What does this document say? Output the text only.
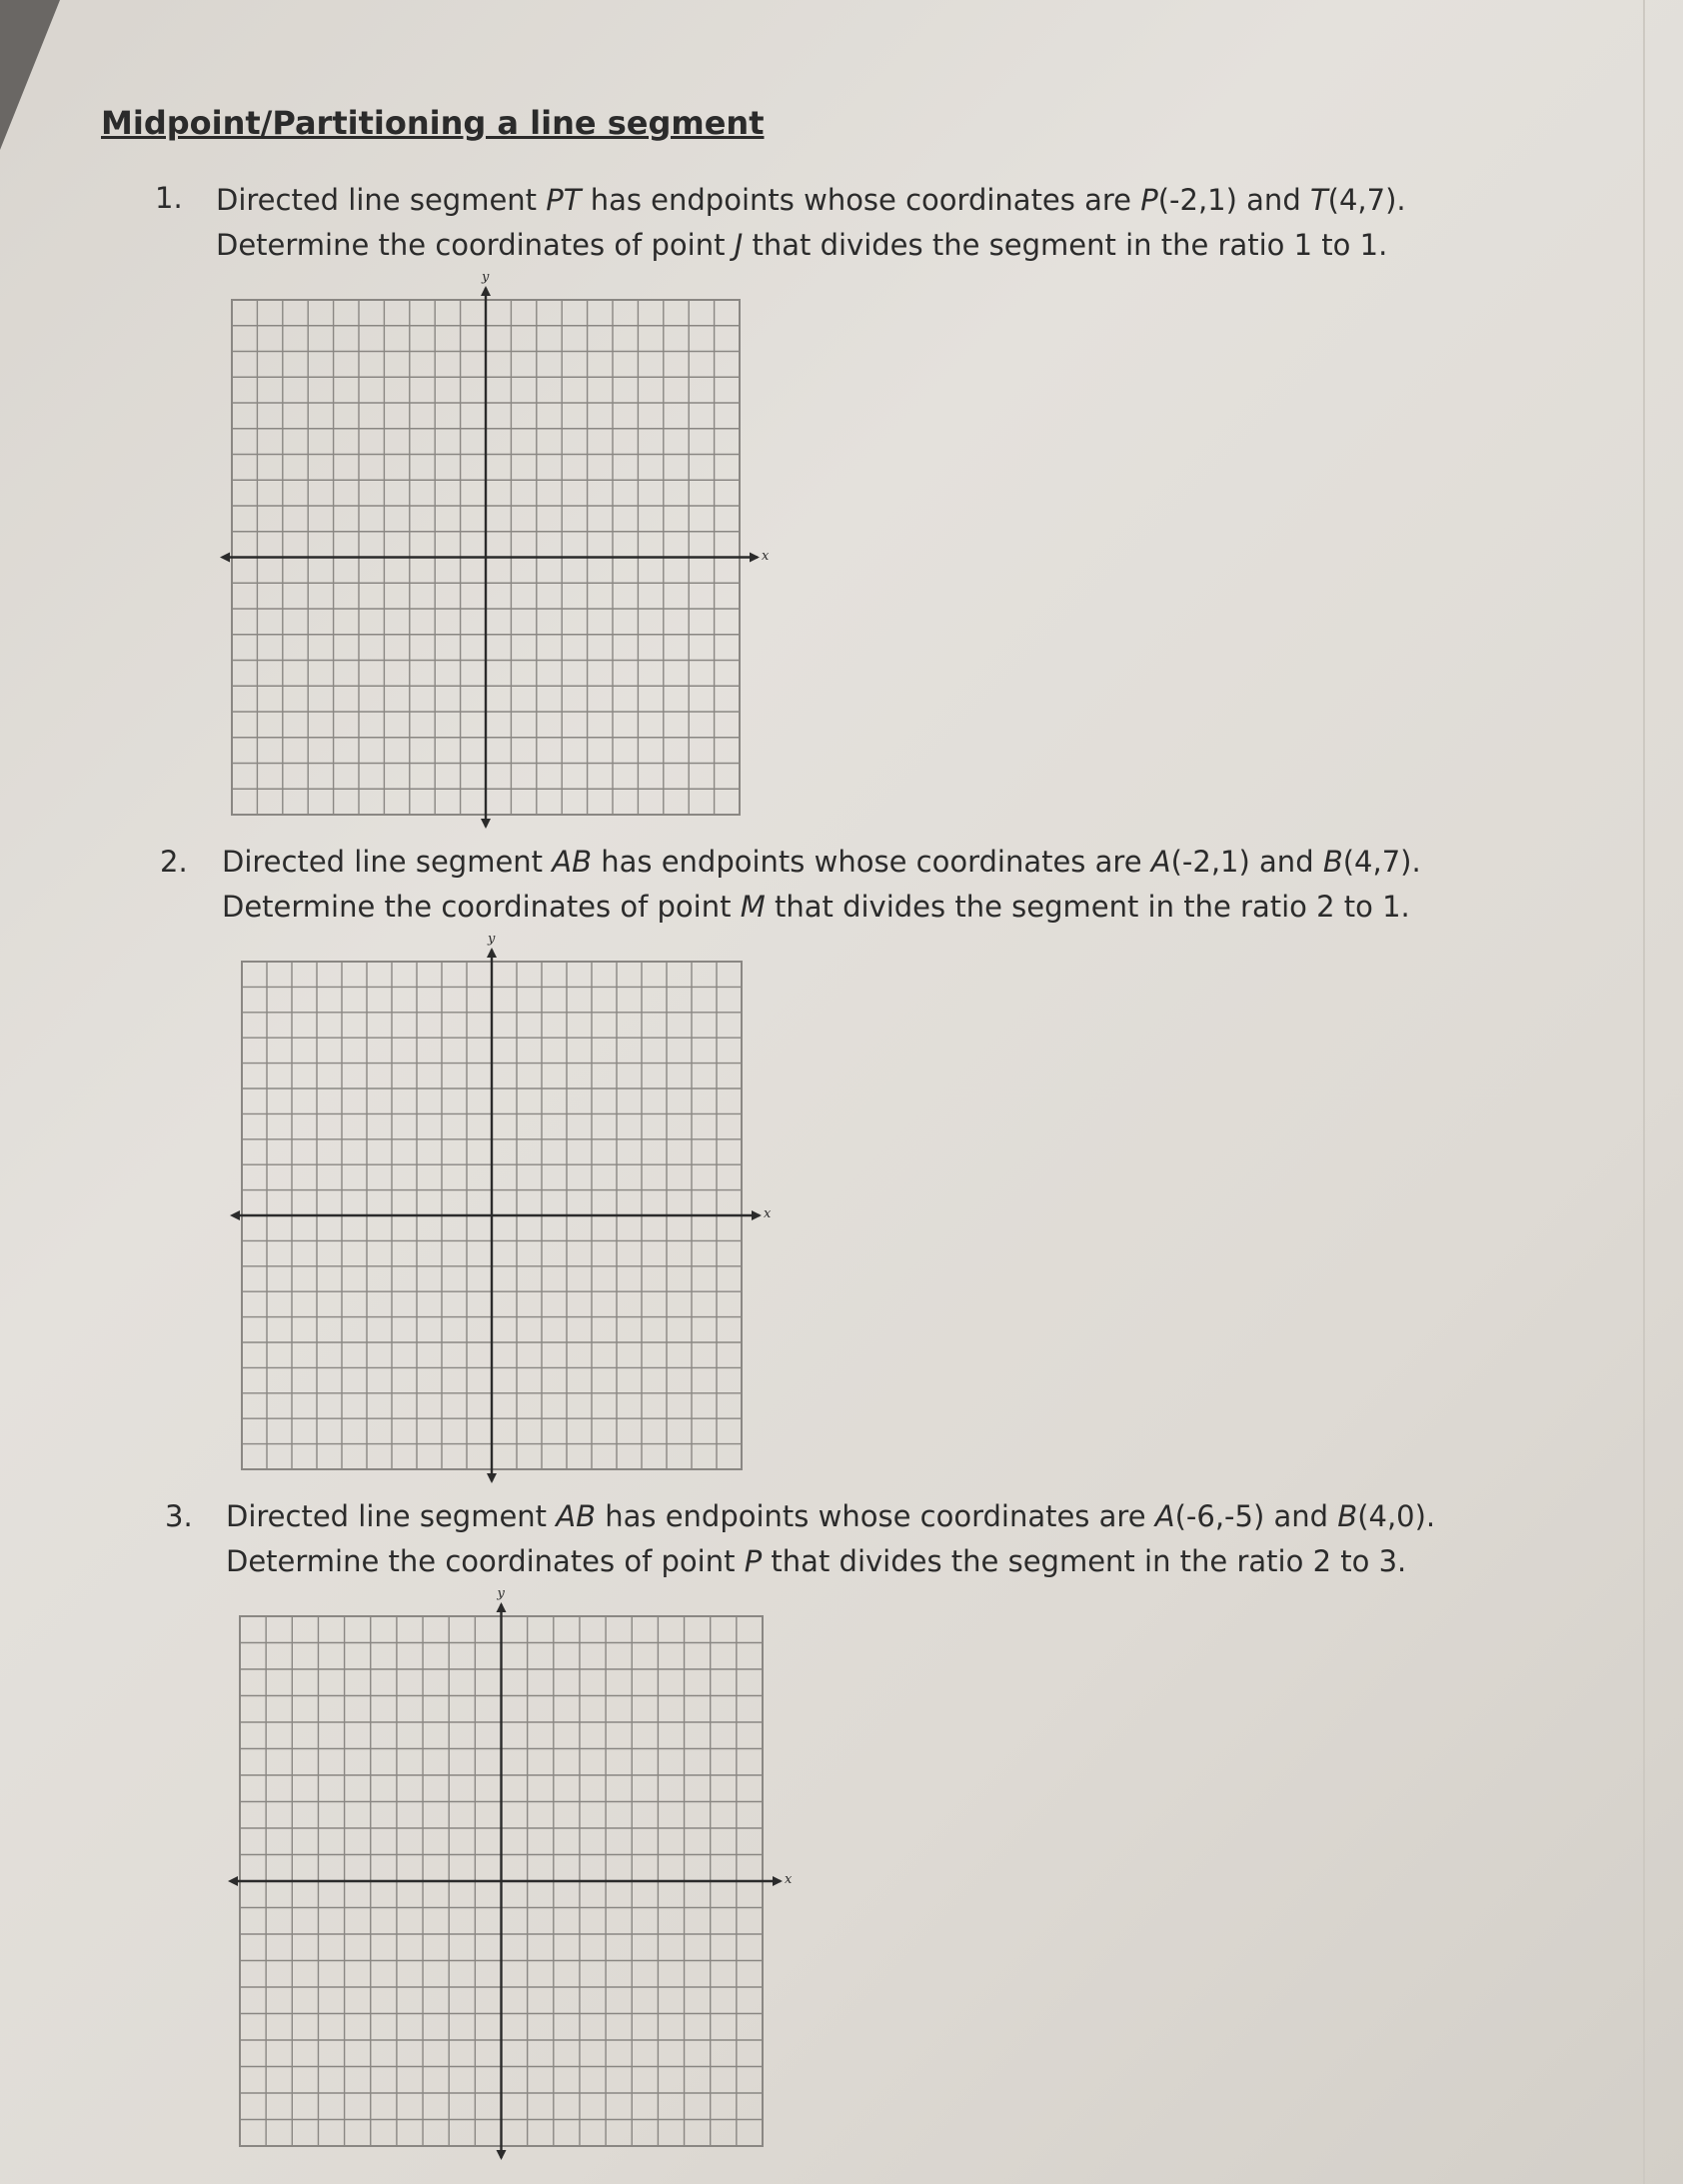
Midpoint/Partitioning a line segment
1. Directed line segment PT has endpoints whose coordinates are P(-2,1) and T(4,7).
Determine the coordinates of point J that divides the segment in the ratio 1 to 1.
y
x
2. Directed line segment AB has endpoints whose coordinates are A(-2,1) and B(4,7).
Determine the coordinates of point M that divides the segment in the ratio 2 to 1.
y
x
3. Directed line segment AB has endpoints whose coordinates are A(-6,-5) and B(4,0).
Determine the coordinates of point P that divides the segment in the ratio 2 to 3.
y
x
